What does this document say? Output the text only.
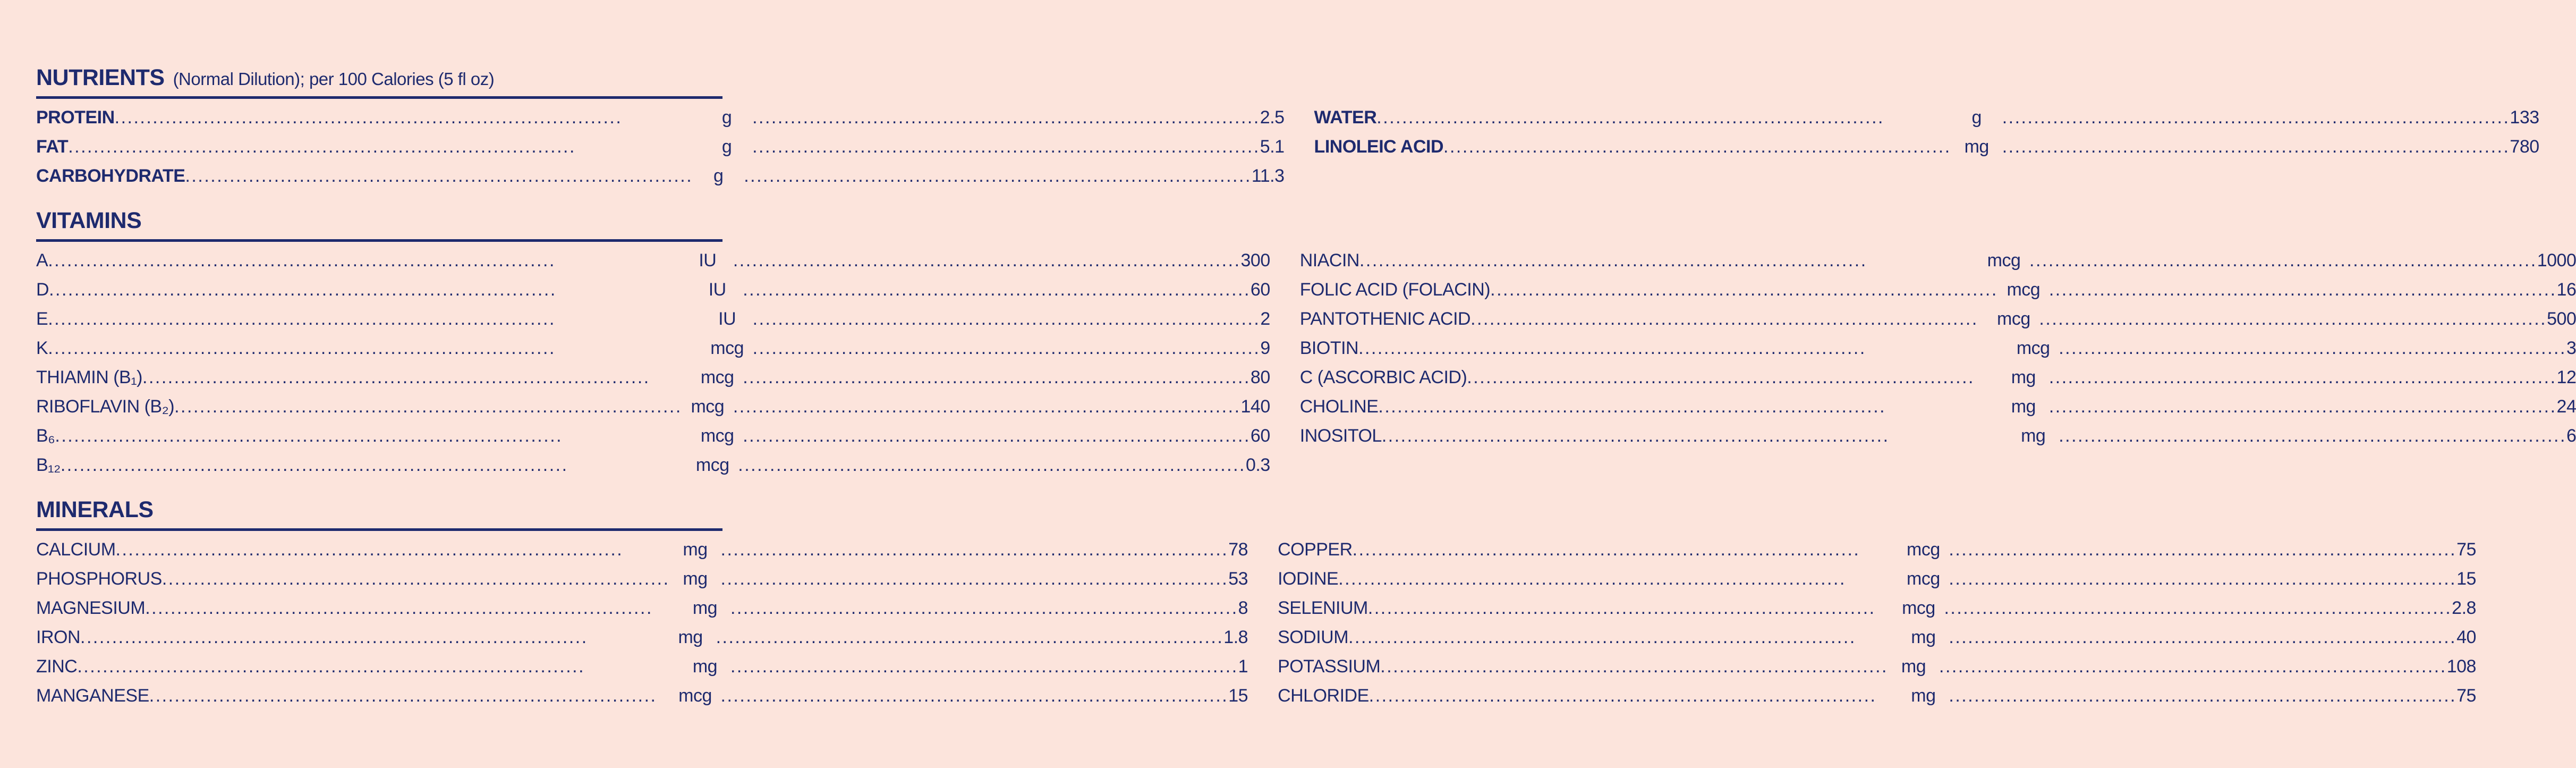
NUTRIENTS (Normal Dilution); per 100 Calories (5 fl oz)
PROTEIN .....	g .....	2.5
FAT .....	g .....	5.1
CARBOHYDRATE .....	g .....	11.3
WATER .....	g .....	133
LINOLEIC ACID .....	mg .....	780
VITAMINS
A .....	IU .....	300
D .....	IU .....	60
E .....	IU .....	2
K .....	mcg .....	9
THIAMIN (B₁) .....	mcg .....	80
RIBOFLAVIN (B₂) .....	mcg .....	140
B₆ .....	mcg .....	60
B₁₂ .....	mcg .....	0.3
NIACIN .....	mcg .....	1000
FOLIC ACID (FOLACIN) .....	mcg .....	16
PANTOTHENIC ACID .....	mcg .....	500
BIOTIN .....	mcg .....	3
C (ASCORBIC ACID) .....	mg .....	12
CHOLINE .....	mg .....	24
INOSITOL .....	mg .....	6
MINERALS
CALCIUM .....	mg .....	78
PHOSPHORUS .....	mg .....	53
MAGNESIUM .....	mg .....	8
IRON .....	mg .....	1.8
ZINC .....	mg .....	1
MANGANESE .....	mcg .....	15
COPPER .....	mcg .....	75
IODINE .....	mcg .....	15
SELENIUM .....	mcg .....	2.8
SODIUM .....	mg .....	40
POTASSIUM .....	mg .....	108
CHLORIDE .....	mg .....	75
